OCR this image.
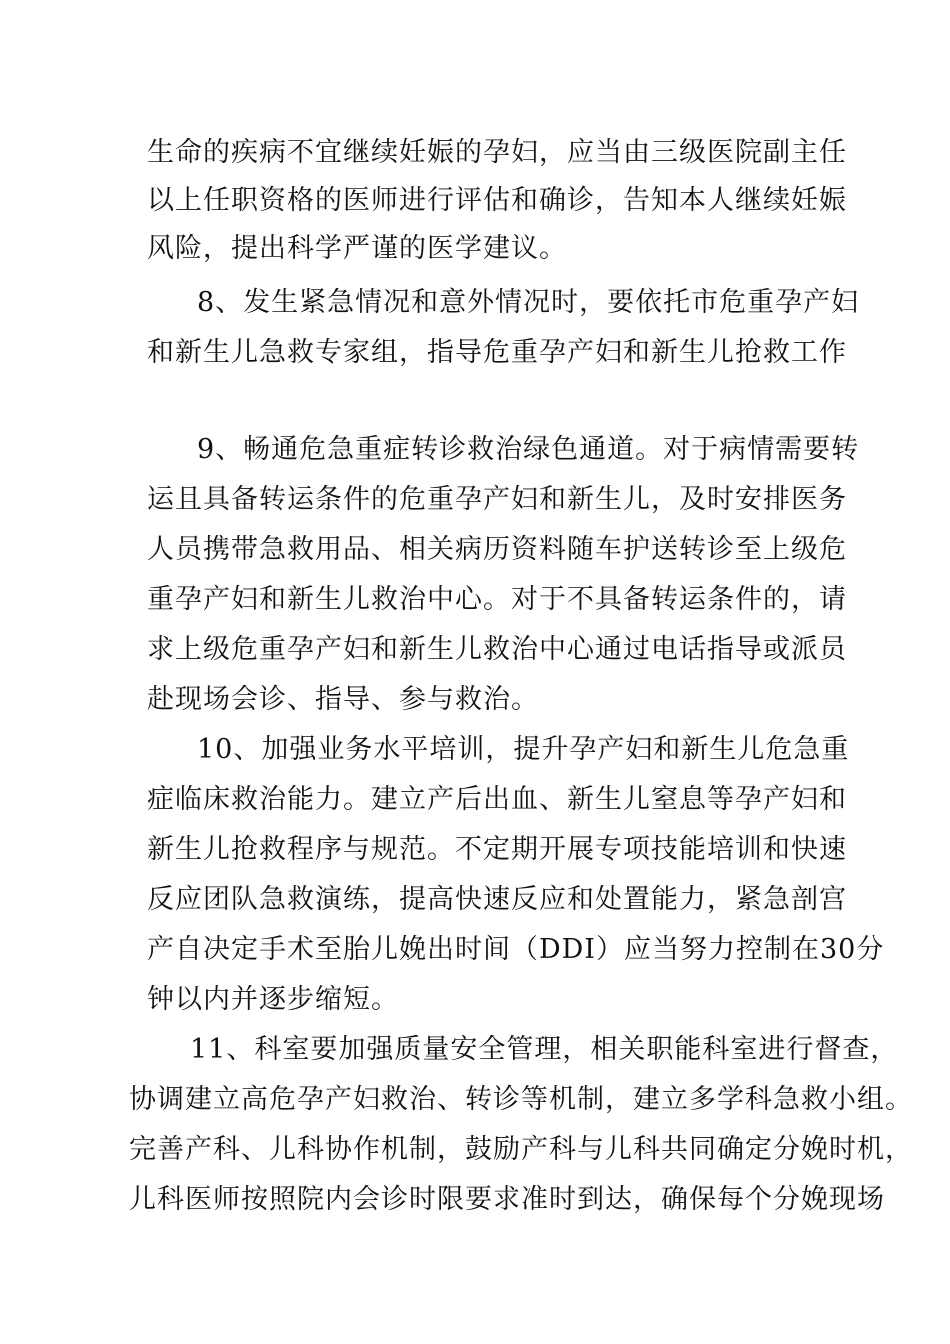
生命的疾病不宜继续妊娠的孕妇，应当由三级医院副主任
以上任职资格的医师进行评估和确诊，告知本人继续妊娠
风险，提出科学严谨的医学建议。
8、发生紧急情况和意外情况时，要依托市危重孕产妇
和新生儿急救专家组，指导危重孕产妇和新生儿抢救工作
9、畅通危急重症转诊救治绿色通道。对于病情需要转
运且具备转运条件的危重孕产妇和新生儿，及时安排医务
人员携带急救用品、相关病历资料随车护送转诊至上级危
重孕产妇和新生儿救治中心。对于不具备转运条件的，请
求上级危重孕产妇和新生儿救治中心通过电话指导或派员
赴现场会诊、指导、参与救治。
10、加强业务水平培训，提升孕产妇和新生儿危急重
症临床救治能力。建立产后出血、新生儿窒息等孕产妇和
新生儿抢救程序与规范。不定期开展专项技能培训和快速
反应团队急救演练，提高快速反应和处置能力，紧急剖宫
产自决定手术至胎儿娩出时间（DDI）应当努力控制在30分
钟以内并逐步缩短。
11、科室要加强质量安全管理，相关职能科室进行督查，
协调建立高危孕产妇救治、转诊等机制，建立多学科急救小组。
完善产科、儿科协作机制，鼓励产科与儿科共同确定分娩时机，
儿科医师按照院内会诊时限要求准时到达，确保每个分娩现场
